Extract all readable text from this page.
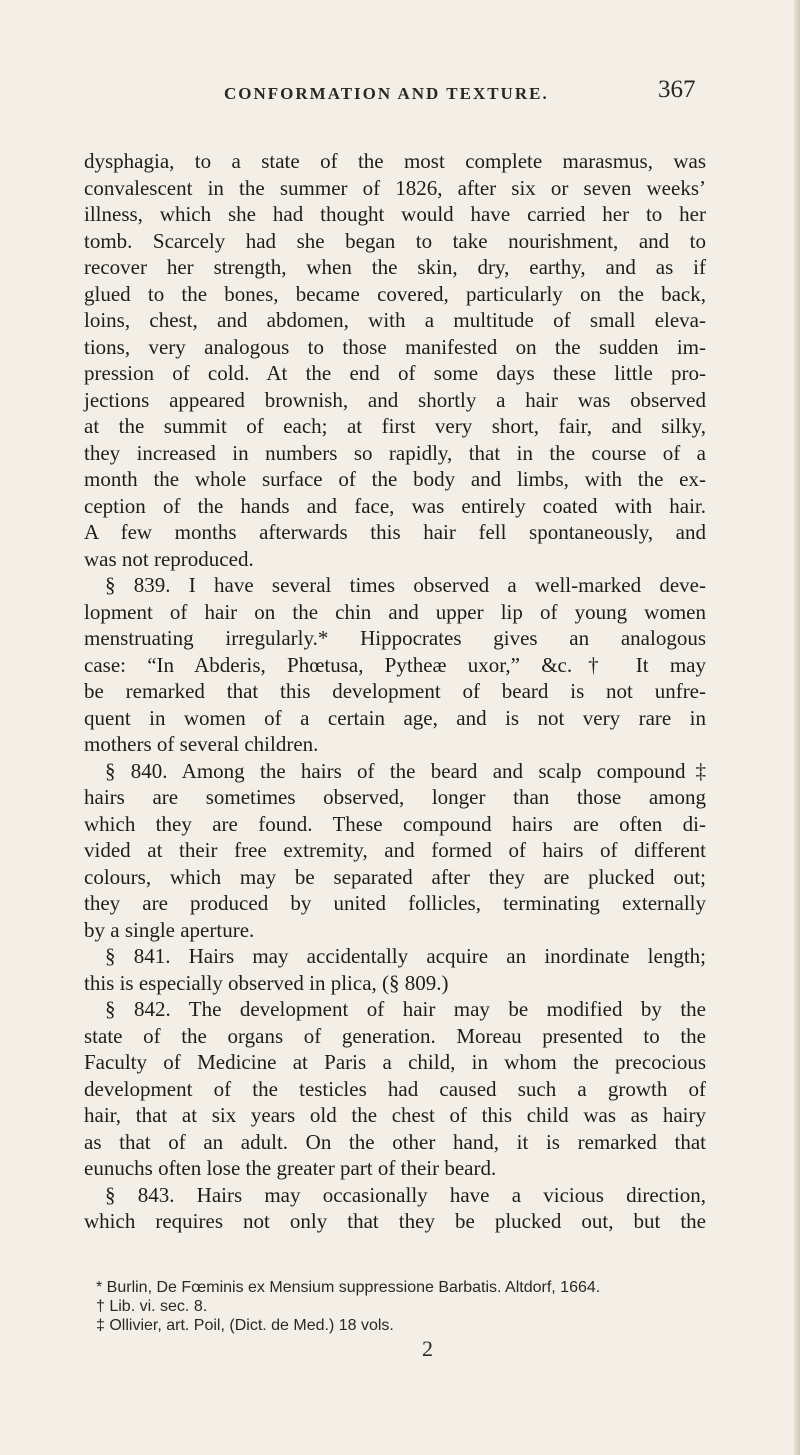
CONFORMATION AND TEXTURE.	367
dysphagia, to a state of the most complete marasmus, was
convalescent in the summer of 1826, after six or seven weeks’
illness, which she had thought would have carried her to her
tomb. Scarcely had she began to take nourishment, and to
recover her strength, when the skin, dry, earthy, and as if
glued to the bones, became covered, particularly on the back,
loins, chest, and abdomen, with a multitude of small eleva-
tions, very analogous to those manifested on the sudden im-
pression of cold. At the end of some days these little pro-
jections appeared brownish, and shortly a hair was observed
at the summit of each; at first very short, fair, and silky,
they increased in numbers so rapidly, that in the course of a
month the whole surface of the body and limbs, with the ex-
ception of the hands and face, was entirely coated with hair.
A few months afterwards this hair fell spontaneously, and
was not reproduced.
§ 839. I have several times observed a well-marked deve-
lopment of hair on the chin and upper lip of young women
menstruating irregularly.* Hippocrates gives an analogous
case: “In Abderis, Phœtusa, Pytheæ uxor,” &c.† It may
be remarked that this development of beard is not unfre-
quent in women of a certain age, and is not very rare in
mothers of several children.
§ 840. Among the hairs of the beard and scalp compound‡
hairs are sometimes observed, longer than those among
which they are found. These compound hairs are often di-
vided at their free extremity, and formed of hairs of different
colours, which may be separated after they are plucked out;
they are produced by united follicles, terminating externally
by a single aperture.
§ 841. Hairs may accidentally acquire an inordinate length;
this is especially observed in plica, (§ 809.)
§ 842. The development of hair may be modified by the
state of the organs of generation. Moreau presented to the
Faculty of Medicine at Paris a child, in whom the precocious
development of the testicles had caused such a growth of
hair, that at six years old the chest of this child was as hairy
as that of an adult. On the other hand, it is remarked that
eunuchs often lose the greater part of their beard.
§ 843. Hairs may occasionally have a vicious direction,
which requires not only that they be plucked out, but the
* Burlin, De Fœminis ex Mensium suppressione Barbatis. Altdorf, 1664.
† Lib. vi. sec. 8.
‡ Ollivier, art. Poil, (Dict. de Med.) 18 vols.
2
